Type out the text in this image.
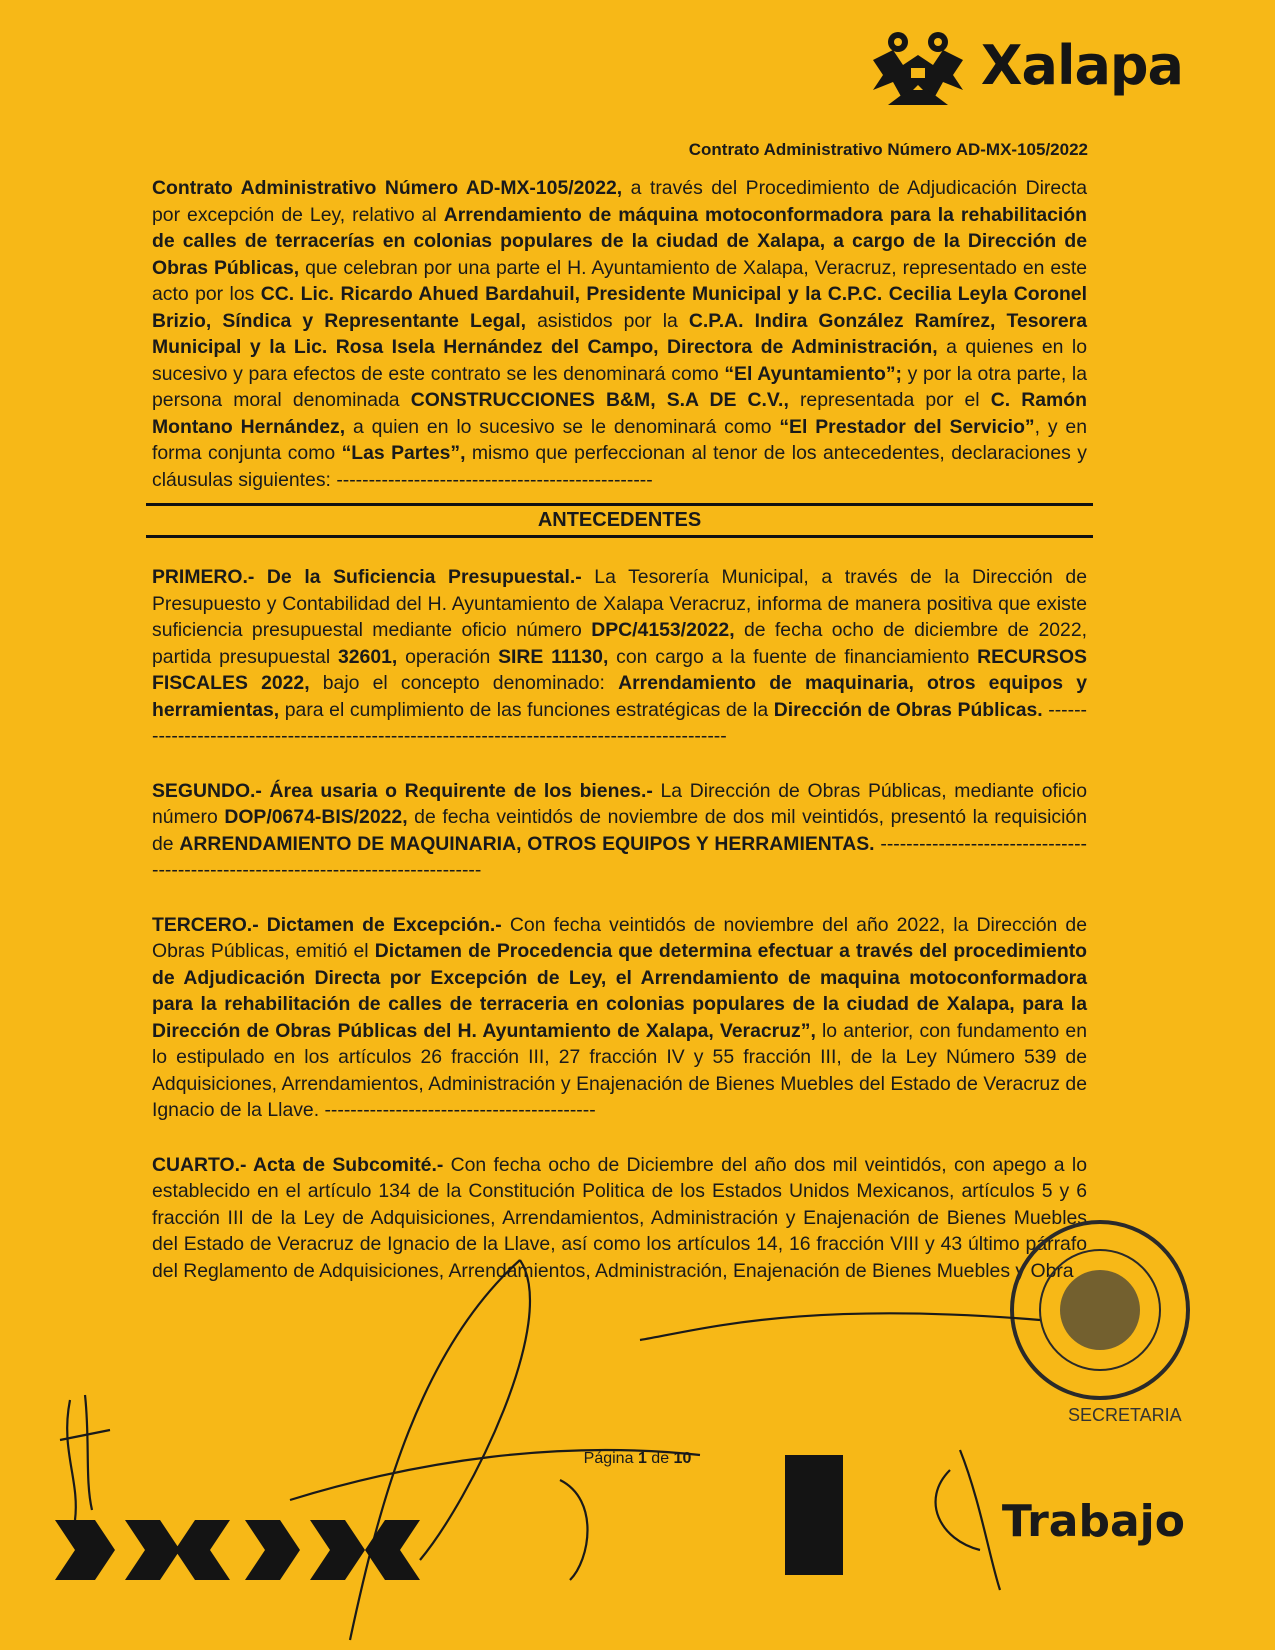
Xalapa
Contrato Administrativo Número AD-MX-105/2022

Contrato Administrativo Número AD-MX-105/2022, a través del Procedimiento de Adjudicación Directa por excepción de Ley, relativo al Arrendamiento de máquina motoconformadora para la rehabilitación de calles de terracerías en colonias populares de la ciudad de Xalapa, a cargo de la Dirección de Obras Públicas, que celebran por una parte el H. Ayuntamiento de Xalapa, Veracruz, representado en este acto por los CC. Lic. Ricardo Ahued Bardahuil, Presidente Municipal y la C.P.C. Cecilia Leyla Coronel Brizio, Síndica y Representante Legal, asistidos por la C.P.A. Indira González Ramírez, Tesorera Municipal y la Lic. Rosa Isela Hernández del Campo, Directora de Administración, a quienes en lo sucesivo y para efectos de este contrato se les denominará como “El Ayuntamiento”; y por la otra parte, la persona moral denominada CONSTRUCCIONES B&M, S.A DE C.V., representada por el C. Ramón Montano Hernández, a quien en lo sucesivo se le denominará como “El Prestador del Servicio”, y en forma conjunta como “Las Partes”, mismo que perfeccionan al tenor de los antecedentes, declaraciones y cláusulas siguientes: -------------------------------------------------

ANTECEDENTES

PRIMERO.- De la Suficiencia Presupuestal.- La Tesorería Municipal, a través de la Dirección de Presupuesto y Contabilidad del H. Ayuntamiento de Xalapa Veracruz, informa de manera positiva que existe suficiencia presupuestal mediante oficio número DPC/4153/2022, de fecha ocho de diciembre de 2022, partida presupuestal 32601, operación SIRE 11130, con cargo a la fuente de financiamiento RECURSOS FISCALES 2022, bajo el concepto denominado: Arrendamiento de maquinaria, otros equipos y herramientas, para el cumplimiento de las funciones estratégicas de la Dirección de Obras Públicas. -----------------------------------------------------------------------------------------------

SEGUNDO.- Área usaria o Requirente de los bienes.- La Dirección de Obras Públicas, mediante oficio número DOP/0674-BIS/2022, de fecha veintidós de noviembre de dos mil veintidós, presentó la requisición de ARRENDAMIENTO DE MAQUINARIA, OTROS EQUIPOS Y HERRAMIENTAS. -----------------------------------------------------------------------------------

TERCERO.- Dictamen de Excepción.- Con fecha veintidós de noviembre del año 2022, la Dirección de Obras Públicas, emitió el Dictamen de Procedencia que determina efectuar a través del procedimiento de Adjudicación Directa por Excepción de Ley, el Arrendamiento de maquina motoconformadora para la rehabilitación de calles de terraceria en colonias populares de la ciudad de Xalapa, para la Dirección de Obras Públicas del H. Ayuntamiento de Xalapa, Veracruz”, lo anterior, con fundamento en lo estipulado en los artículos 26 fracción III, 27 fracción IV y 55 fracción III, de la Ley Número 539 de Adquisiciones, Arrendamientos, Administración y Enajenación de Bienes Muebles del Estado de Veracruz de Ignacio de la Llave. ------------------------------------------

CUARTO.- Acta de Subcomité.- Con fecha ocho de Diciembre del año dos mil veintidós, con apego a lo establecido en el artículo 134 de la Constitución Politica de los Estados Unidos Mexicanos, artículos 5 y 6 fracción III de la Ley de Adquisiciones, Arrendamientos, Administración y Enajenación de Bienes Muebles del Estado de Veracruz de Ignacio de la Llave, así como los artículos 14, 16 fracción VIII y 43 último párrafo del Reglamento de Adquisiciones, Arrendamientos, Administración, Enajenación de Bienes Muebles y Obra

SECRETARIA
Página 1 de 10
Trabajo
